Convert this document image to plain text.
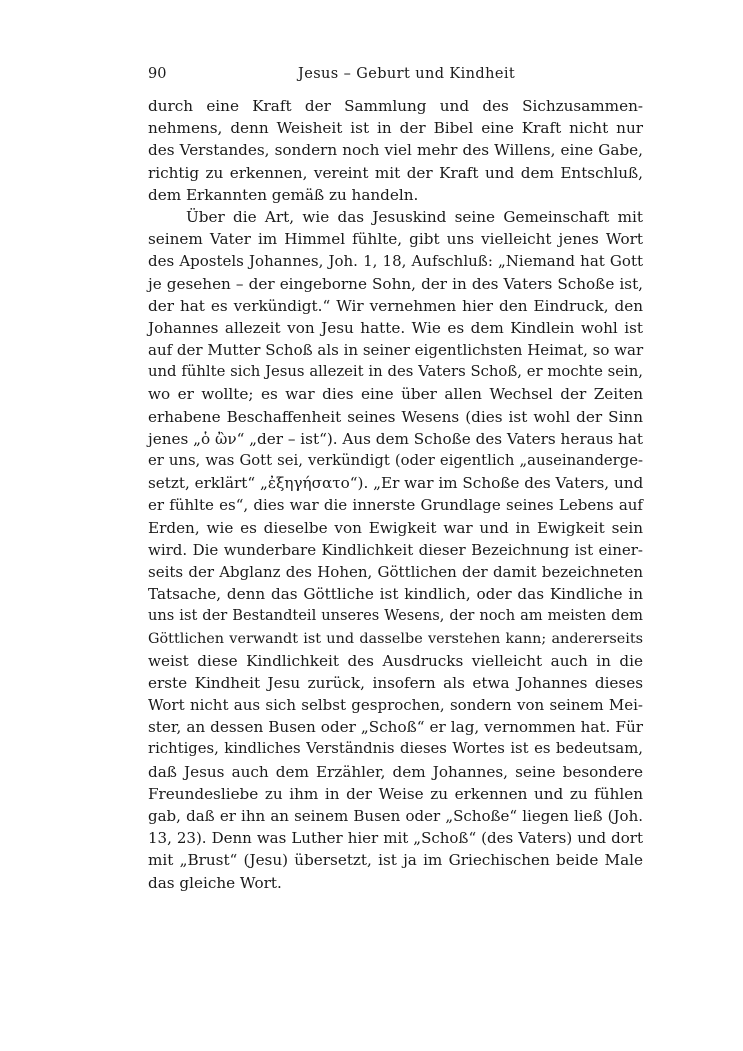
90	Jesus – Geburt und Kindheit
durch eine Kraft der Sammlung und des Sichzusammen-
nehmens, denn Weisheit ist in der Bibel eine Kraft nicht nur
des Verstandes, sondern noch viel mehr des Willens, eine Gabe,
richtig zu erkennen, vereint mit der Kraft und dem Entschluß,
dem Erkannten gemäß zu handeln.
Über die Art, wie das Jesuskind seine Gemeinschaft mit
seinem Vater im Himmel fühlte, gibt uns vielleicht jenes Wort
des Apostels Johannes, Joh. 1, 18, Aufschluß: „Niemand hat Gott
je gesehen – der eingeborne Sohn, der in des Vaters Schoße ist,
der hat es verkündigt.“ Wir vernehmen hier den Eindruck, den
Johannes allezeit von Jesu hatte. Wie es dem Kindlein wohl ist
auf der Mutter Schoß als in seiner eigentlichsten Heimat, so war
und fühlte sich Jesus allezeit in des Vaters Schoß, er mochte sein,
wo er wollte; es war dies eine über allen Wechsel der Zeiten
erhabene Beschaffenheit seines Wesens (dies ist wohl der Sinn
jenes „ὁ ὢν“ „der – ist“). Aus dem Schoße des Vaters heraus hat
er uns, was Gott sei, verkündigt (oder eigentlich „auseinanderge-
setzt, erklärt“ „ἐξηγήσατο“). „Er war im Schoße des Vaters, und
er fühlte es“, dies war die innerste Grundlage seines Lebens auf
Erden, wie es dieselbe von Ewigkeit war und in Ewigkeit sein
wird. Die wunderbare Kindlichkeit dieser Bezeichnung ist einer-
seits der Abglanz des Hohen, Göttlichen der damit bezeichneten
Tatsache, denn das Göttliche ist kindlich, oder das Kindliche in
uns ist der Bestandteil unseres Wesens, der noch am meisten dem
Göttlichen verwandt ist und dasselbe verstehen kann; andererseits
weist diese Kindlichkeit des Ausdrucks vielleicht auch in die
erste Kindheit Jesu zurück, insofern als etwa Johannes dieses
Wort nicht aus sich selbst gesprochen, sondern von seinem Mei-
ster, an dessen Busen oder „Schoß“ er lag, vernommen hat. Für
richtiges, kindliches Verständnis dieses Wortes ist es bedeutsam,
daß Jesus auch dem Erzähler, dem Johannes, seine besondere
Freundesliebe zu ihm in der Weise zu erkennen und zu fühlen
gab, daß er ihn an seinem Busen oder „Schoße“ liegen ließ (Joh.
13, 23). Denn was Luther hier mit „Schoß“ (des Vaters) und dort
mit „Brust“ (Jesu) übersetzt, ist ja im Griechischen beide Male
das gleiche Wort.
